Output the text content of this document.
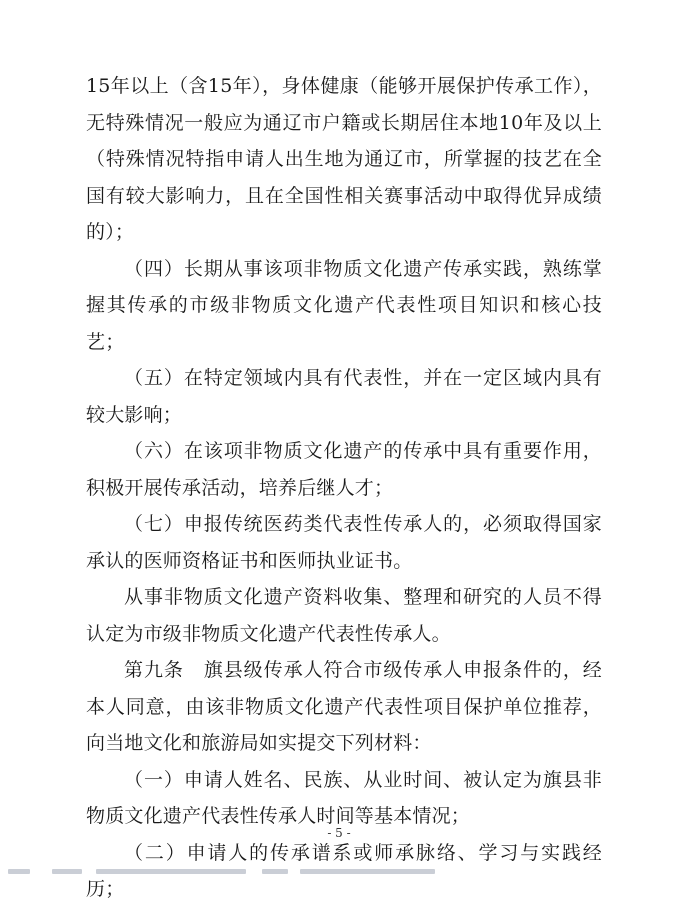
15年以上（含15年），身体健康（能够开展保护传承工作），无特殊情况一般应为通辽市户籍或长期居住本地10年及以上（特殊情况特指申请人出生地为通辽市，所掌握的技艺在全国有较大影响力，且在全国性相关赛事活动中取得优异成绩的）；

（四）长期从事该项非物质文化遗产传承实践，熟练掌握其传承的市级非物质文化遗产代表性项目知识和核心技艺；

（五）在特定领域内具有代表性，并在一定区域内具有较大影响；

（六）在该项非物质文化遗产的传承中具有重要作用，积极开展传承活动，培养后继人才；

（七）申报传统医药类代表性传承人的，必须取得国家承认的医师资格证书和医师执业证书。

从事非物质文化遗产资料收集、整理和研究的人员不得认定为市级非物质文化遗产代表性传承人。

第九条　旗县级传承人符合市级传承人申报条件的，经本人同意，由该非物质文化遗产代表性项目保护单位推荐，向当地文化和旅游局如实提交下列材料：

（一）申请人姓名、民族、从业时间、被认定为旗县非物质文化遗产代表性传承人时间等基本情况；

（二）申请人的传承谱系或师承脉络、学习与实践经历；

- 5 -
